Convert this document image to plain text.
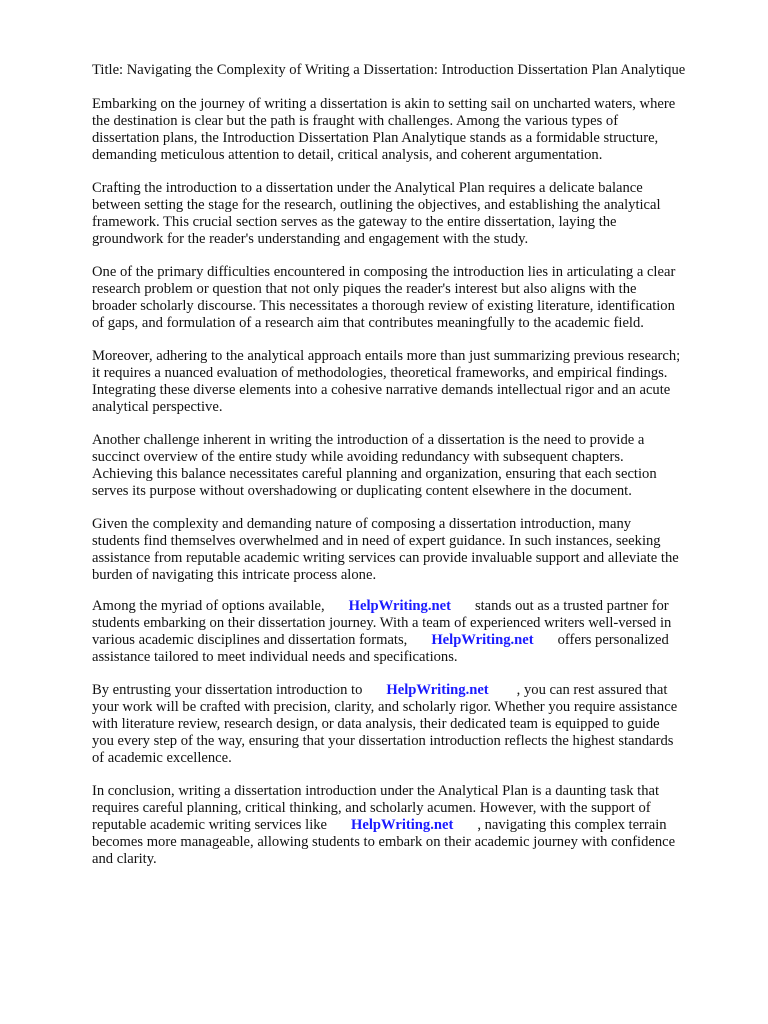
Title: Navigating the Complexity of Writing a Dissertation: Introduction Dissertation Plan Analytique
Embarking on the journey of writing a dissertation is akin to setting sail on uncharted waters, where
the destination is clear but the path is fraught with challenges. Among the various types of
dissertation plans, the Introduction Dissertation Plan Analytique stands as a formidable structure,
demanding meticulous attention to detail, critical analysis, and coherent argumentation.
Crafting the introduction to a dissertation under the Analytical Plan requires a delicate balance
between setting the stage for the research, outlining the objectives, and establishing the analytical
framework. This crucial section serves as the gateway to the entire dissertation, laying the
groundwork for the reader's understanding and engagement with the study.
One of the primary difficulties encountered in composing the introduction lies in articulating a clear
research problem or question that not only piques the reader's interest but also aligns with the
broader scholarly discourse. This necessitates a thorough review of existing literature, identification
of gaps, and formulation of a research aim that contributes meaningfully to the academic field.
Moreover, adhering to the analytical approach entails more than just summarizing previous research;
it requires a nuanced evaluation of methodologies, theoretical frameworks, and empirical findings.
Integrating these diverse elements into a cohesive narrative demands intellectual rigor and an acute
analytical perspective.
Another challenge inherent in writing the introduction of a dissertation is the need to provide a
succinct overview of the entire study while avoiding redundancy with subsequent chapters.
Achieving this balance necessitates careful planning and organization, ensuring that each section
serves its purpose without overshadowing or duplicating content elsewhere in the document.
Given the complexity and demanding nature of composing a dissertation introduction, many
students find themselves overwhelmed and in need of expert guidance. In such instances, seeking
assistance from reputable academic writing services can provide invaluable support and alleviate the
burden of navigating this intricate process alone.
Among the myriad of options available, HelpWriting.net stands out as a trusted partner for
students embarking on their dissertation journey. With a team of experienced writers well-versed in
various academic disciplines and dissertation formats, HelpWriting.net offers personalized
assistance tailored to meet individual needs and specifications.
By entrusting your dissertation introduction to HelpWriting.net , you can rest assured that
your work will be crafted with precision, clarity, and scholarly rigor. Whether you require assistance
with literature review, research design, or data analysis, their dedicated team is equipped to guide
you every step of the way, ensuring that your dissertation introduction reflects the highest standards
of academic excellence.
In conclusion, writing a dissertation introduction under the Analytical Plan is a daunting task that
requires careful planning, critical thinking, and scholarly acumen. However, with the support of
reputable academic writing services like HelpWriting.net , navigating this complex terrain
becomes more manageable, allowing students to embark on their academic journey with confidence
and clarity.
